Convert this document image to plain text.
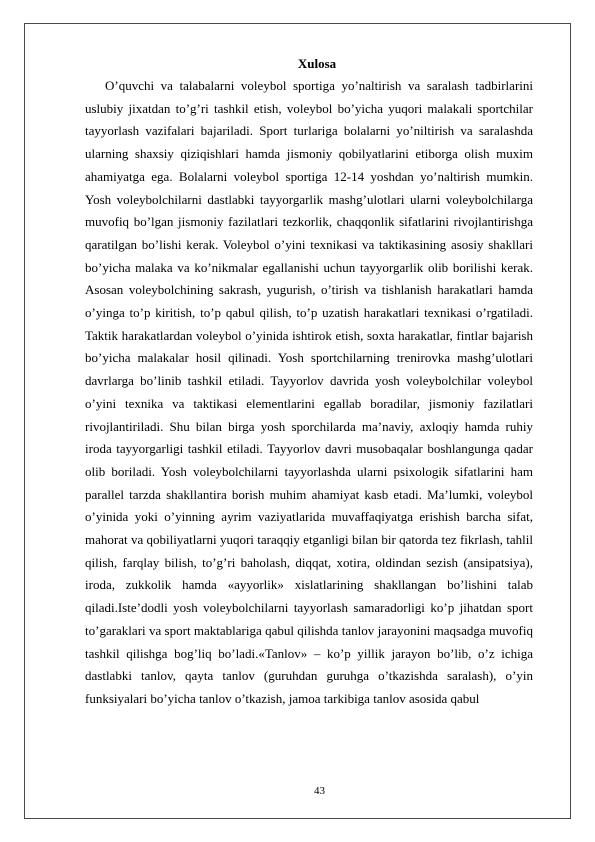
Xulosa

O’quvchi va talabalarni voleybol sportiga yo’naltirish va saralash tadbirlarini uslubiy jixatdan to’g’ri tashkil etish, voleybol bo’yicha yuqori malakali sportchilar tayyorlash vazifalari bajariladi. Sport turlariga bolalarni yo’niltirish va saralashda ularning shaxsiy qiziqishlari hamda jismoniy qobilyatlarini etiborga olish muxim ahamiyatga ega. Bolalarni voleybol sportiga 12-14 yoshdan yo’naltirish mumkin. Yosh voleybolchilarni dastlabki tayyorgarlik mashg’ulotlari ularni voleybolchilarga muvofiq bo’lgan jismoniy fazilatlari tezkorlik, chaqqonlik sifatlarini rivojlantirishga qaratilgan bo’lishi kerak. Voleybol o’yini texnikasi va taktikasining asosiy shakllari bo’yicha malaka va ko’nikmalar egallanishi uchun tayyorgarlik olib borilishi kerak. Asosan voleybolchining sakrash, yugurish, o’tirish va tishlanish harakatlari hamda o’yinga to’p kiritish, to’p qabul qilish, to’p uzatish harakatlari texnikasi o’rgatiladi. Taktik harakatlardan voleybol o’yinida ishtirok etish, soxta harakatlar, fintlar bajarish bo’yicha malakalar hosil qilinadi. Yosh sportchilarning trenirovka mashg’ulotlari davrlarga bo’linib tashkil etiladi. Tayyorlov davrida yosh voleybolchilar voleybol o’yini texnika va taktikasi elementlarini egallab boradilar, jismoniy fazilatlari rivojlantiriladi. Shu bilan birga yosh sporchilarda ma’naviy, axloqiy hamda ruhiy iroda tayyorgarligi tashkil etiladi. Tayyorlov davri musobaqalar boshlangunga qadar olib boriladi. Yosh voleybolchilarni tayyorlashda ularni psixologik sifatlarini ham parallel tarzda shakllantira borish muhim ahamiyat kasb etadi. Ma’lumki, voleybol o’yinida yoki o’yinning ayrim vaziyatlarida muvaffaqiyatga erishish barcha sifat, mahorat va qobiliyatlarni yuqori taraqqiy etganligi bilan bir qatorda tez fikrlash, tahlil qilish, farqlay bilish, to’g’ri baholash, diqqat, xotira, oldindan sezish (ansipatsiya), iroda, zukkolik hamda «ayyorlik» xislatlarining shakllangan bo’lishini talab qiladi.Iste’dodli yosh voleybolchilarni tayyorlash samaradorligi ko’p jihatdan sport to’garaklari va sport maktablariga qabul qilishda tanlov jarayonini maqsadga muvofiq tashkil qilishga bog’liq bo’ladi.«Tanlov» – ko’p yillik jarayon bo’lib, o’z ichiga dastlabki tanlov, qayta tanlov (guruhdan guruhga o’tkazishda saralash), o’yin funksiyalari bo’yicha tanlov o’tkazish, jamoa tarkibiga tanlov asosida qabul

43
